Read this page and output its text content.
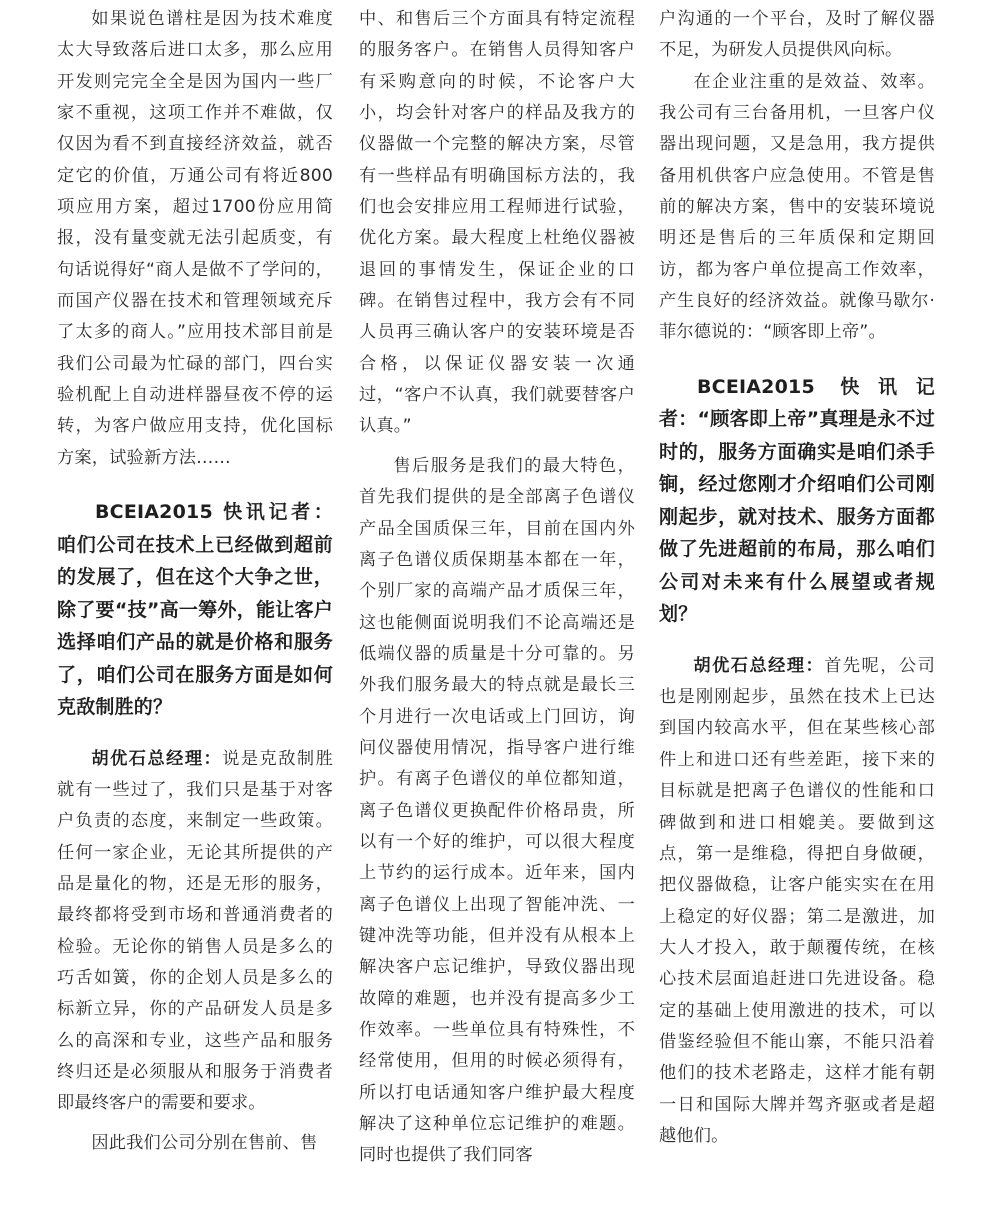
如果说色谱柱是因为技术难度太大导致落后进口太多，那么应用开发则完完全全是因为国内一些厂家不重视，这项工作并不难做，仅仅因为看不到直接经济效益，就否定它的价值，万通公司有将近800项应用方案，超过1700份应用简报，没有量变就无法引起质变，有句话说得好“商人是做不了学问的，而国产仪器在技术和管理领域充斥了太多的商人。”应用技术部目前是我们公司最为忙碌的部门，四台实验机配上自动进样器昼夜不停的运转，为客户做应用支持，优化国标方案，试验新方法……

BCEIA2015 快讯记者：咱们公司在技术上已经做到超前的发展了，但在这个大争之世，除了要“技”高一筹外，能让客户选择咱们产品的就是价格和服务了，咱们公司在服务方面是如何克敌制胜的？

胡优石总经理：说是克敌制胜就有一些过了，我们只是基于对客户负责的态度，来制定一些政策。任何一家企业，无论其所提供的产品是量化的物，还是无形的服务，最终都将受到市场和普通消费者的检验。无论你的销售人员是多么的巧舌如簧，你的企划人员是多么的标新立异，你的产品研发人员是多么的高深和专业，这些产品和服务终归还是必须服从和服务于消费者即最终客户的需要和要求。

因此我们公司分别在售前、售

中、和售后三个方面具有特定流程的服务客户。在销售人员得知客户有采购意向的时候，不论客户大小，均会针对客户的样品及我方的仪器做一个完整的解决方案，尽管有一些样品有明确国标方法的，我们也会安排应用工程师进行试验，优化方案。最大程度上杜绝仪器被退回的事情发生，保证企业的口碑。在销售过程中，我方会有不同人员再三确认客户的安装环境是否合格，以保证仪器安装一次通过，“客户不认真，我们就要替客户认真。”

售后服务是我们的最大特色，首先我们提供的是全部离子色谱仪产品全国质保三年，目前在国内外离子色谱仪质保期基本都在一年，个别厂家的高端产品才质保三年，这也能侧面说明我们不论高端还是低端仪器的质量是十分可靠的。另外我们服务最大的特点就是最长三个月进行一次电话或上门回访，询问仪器使用情况，指导客户进行维护。有离子色谱仪的单位都知道，离子色谱仪更换配件价格昂贵，所以有一个好的维护，可以很大程度上节约的运行成本。近年来，国内离子色谱仪上出现了智能冲洗、一键冲洗等功能，但并没有从根本上解决客户忘记维护，导致仪器出现故障的难题，也并没有提高多少工作效率。一些单位具有特殊性，不经常使用，但用的时候必须得有，所以打电话通知客户维护最大程度解决了这种单位忘记维护的难题。同时也提供了我们同客

户沟通的一个平台，及时了解仪器不足，为研发人员提供风向标。

在企业注重的是效益、效率。我公司有三台备用机，一旦客户仪器出现问题，又是急用，我方提供备用机供客户应急使用。不管是售前的解决方案，售中的安装环境说明还是售后的三年质保和定期回访，都为客户单位提高工作效率，产生良好的经济效益。就像马歇尔·菲尔德说的：“顾客即上帝”。

BCEIA2015 快讯记者：“顾客即上帝”真理是永不过时的，服务方面确实是咱们杀手锏，经过您刚才介绍咱们公司刚刚起步，就对技术、服务方面都做了先进超前的布局，那么咱们公司对未来有什么展望或者规划？

胡优石总经理：首先呢，公司也是刚刚起步，虽然在技术上已达到国内较高水平，但在某些核心部件上和进口还有些差距，接下来的目标就是把离子色谱仪的性能和口碑做到和进口相媲美。要做到这点，第一是维稳，得把自身做硬，把仪器做稳，让客户能实实在在用上稳定的好仪器；第二是激进，加大人才投入，敢于颠覆传统，在核心技术层面追赶进口先进设备。稳定的基础上使用激进的技术，可以借鉴经验但不能山寨，不能只沿着他们的技术老路走，这样才能有朝一日和国际大牌并驾齐驱或者是超越他们。
